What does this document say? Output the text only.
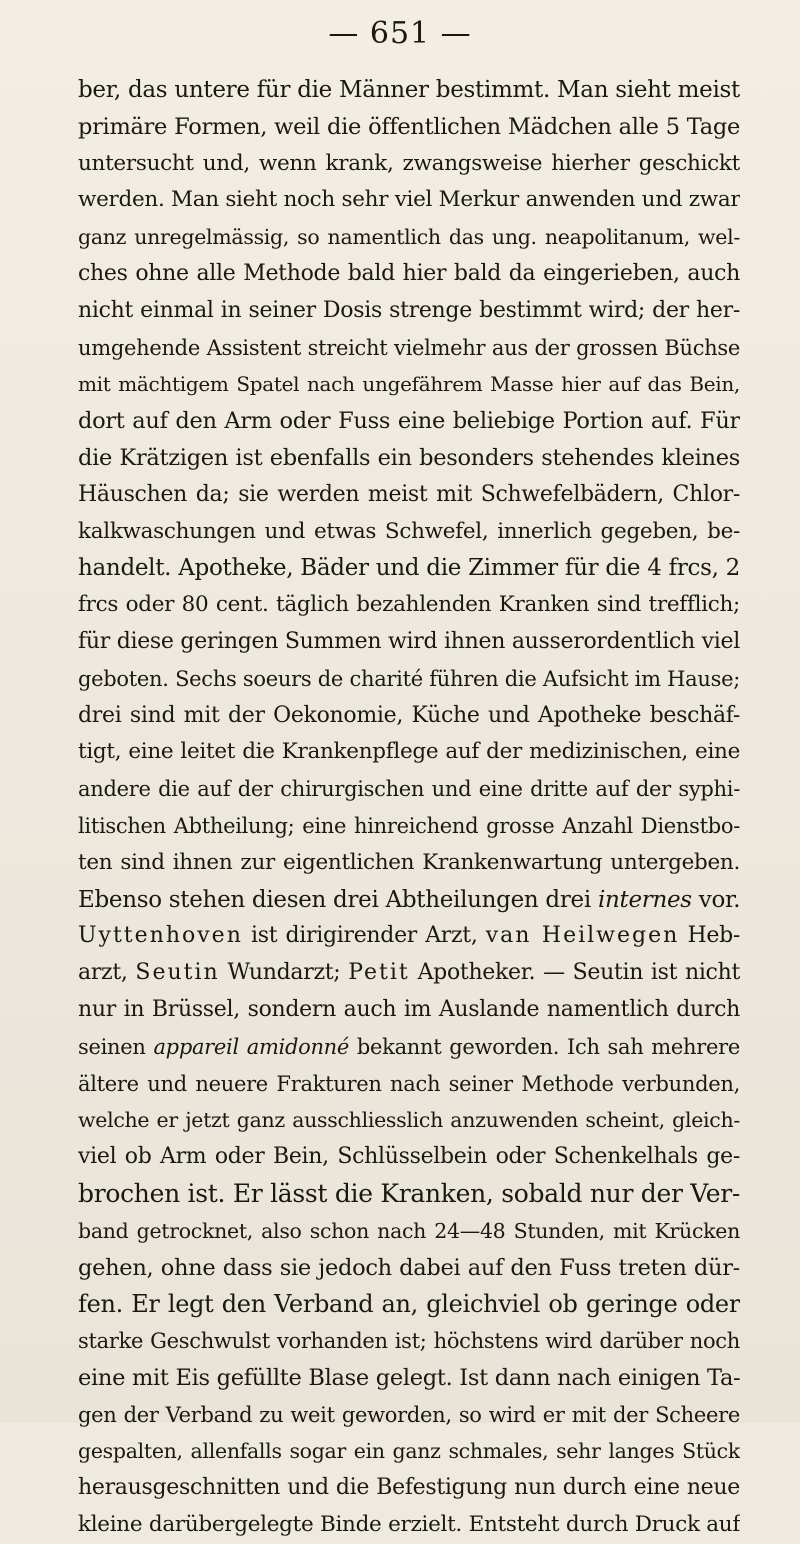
— 651 —
ber, das untere für die Männer bestimmt. Man sieht meist
primäre Formen, weil die öffentlichen Mädchen alle 5 Tage
untersucht und, wenn krank, zwangsweise hierher geschickt
werden. Man sieht noch sehr viel Merkur anwenden und zwar
ganz unregelmässig, so namentlich das ung. neapolitanum, wel-
ches ohne alle Methode bald hier bald da eingerieben, auch
nicht einmal in seiner Dosis strenge bestimmt wird; der her-
umgehende Assistent streicht vielmehr aus der grossen Büchse
mit mächtigem Spatel nach ungefährem Masse hier auf das Bein,
dort auf den Arm oder Fuss eine beliebige Portion auf. Für
die Krätzigen ist ebenfalls ein besonders stehendes kleines
Häuschen da; sie werden meist mit Schwefelbädern, Chlor-
kalkwaschungen und etwas Schwefel, innerlich gegeben, be-
handelt. Apotheke, Bäder und die Zimmer für die 4 frcs, 2
frcs oder 80 cent. täglich bezahlenden Kranken sind trefflich;
für diese geringen Summen wird ihnen ausserordentlich viel
geboten. Sechs soeurs de charité führen die Aufsicht im Hause;
drei sind mit der Oekonomie, Küche und Apotheke beschäf-
tigt, eine leitet die Krankenpflege auf der medizinischen, eine
andere die auf der chirurgischen und eine dritte auf der syphi-
litischen Abtheilung; eine hinreichend grosse Anzahl Dienstbo-
ten sind ihnen zur eigentlichen Krankenwartung untergeben.
Ebenso stehen diesen drei Abtheilungen drei internes vor.
Uyttenhoven ist dirigirender Arzt, van Heilwegen Heb-
arzt, Seutin Wundarzt; Petit Apotheker. — Seutin ist nicht
nur in Brüssel, sondern auch im Auslande namentlich durch
seinen appareil amidonné bekannt geworden. Ich sah mehrere
ältere und neuere Frakturen nach seiner Methode verbunden,
welche er jetzt ganz ausschliesslich anzuwenden scheint, gleich-
viel ob Arm oder Bein, Schlüsselbein oder Schenkelhals ge-
brochen ist. Er lässt die Kranken, sobald nur der Ver-
band getrocknet, also schon nach 24—48 Stunden, mit Krücken
gehen, ohne dass sie jedoch dabei auf den Fuss treten dür-
fen. Er legt den Verband an, gleichviel ob geringe oder
starke Geschwulst vorhanden ist; höchstens wird darüber noch
eine mit Eis gefüllte Blase gelegt. Ist dann nach einigen Ta-
gen der Verband zu weit geworden, so wird er mit der Scheere
gespalten, allenfalls sogar ein ganz schmales, sehr langes Stück
herausgeschnitten und die Befestigung nun durch eine neue
kleine darübergelegte Binde erzielt. Entsteht durch Druck auf
